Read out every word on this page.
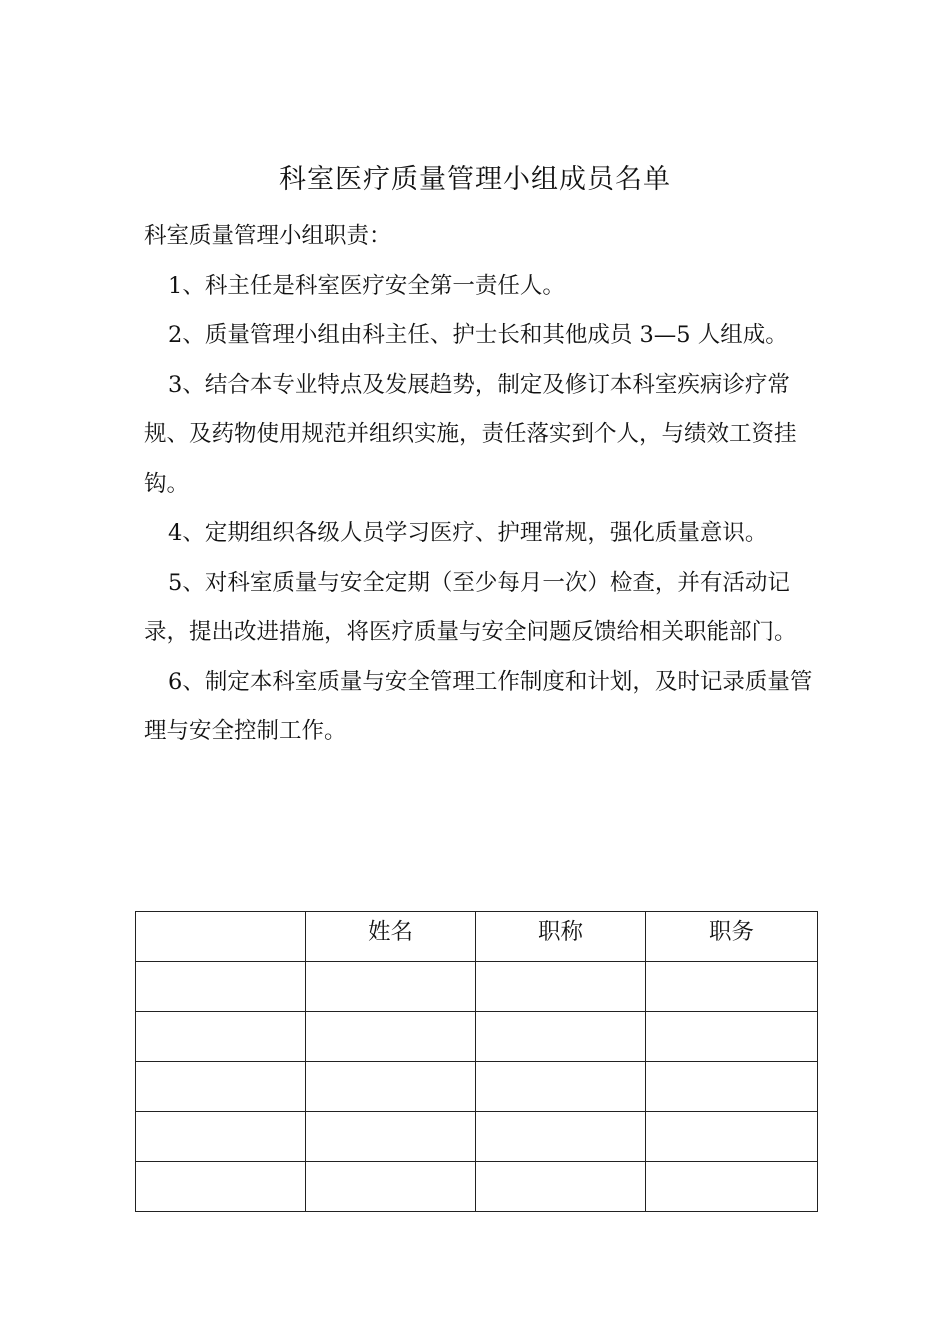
科室医疗质量管理小组成员名单

科室质量管理小组职责：

1、科主任是科室医疗安全第一责任人。

2、质量管理小组由科主任、护士长和其他成员 3—5 人组成。

3、结合本专业特点及发展趋势，制定及修订本科室疾病诊疗常规、及药物使用规范并组织实施，责任落实到个人，与绩效工资挂钩。

4、定期组织各级人员学习医疗、护理常规，强化质量意识。

5、对科室质量与安全定期（至少每月一次）检查，并有活动记录，提出改进措施，将医疗质量与安全问题反馈给相关职能部门。

6、制定本科室质量与安全管理工作制度和计划，及时记录质量管理与安全控制工作。

	姓名	职称	职务
